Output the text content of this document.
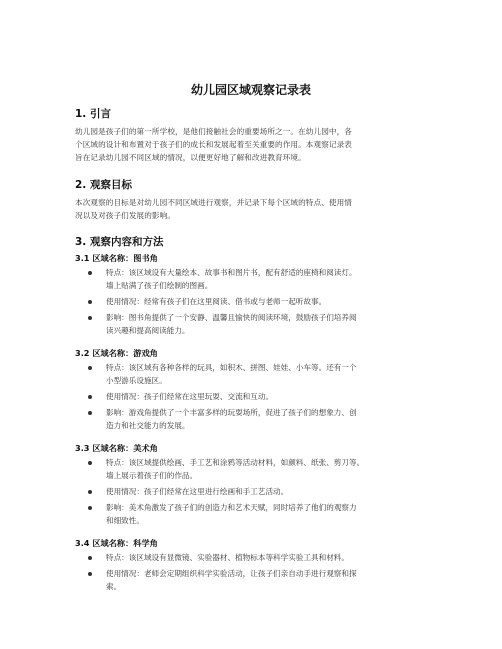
幼儿园区域观察记录表
1. 引言
幼儿园是孩子们的第一所学校，是他们接触社会的重要场所之一。在幼儿园中，各
个区域的设计和布置对于孩子们的成长和发展起着至关重要的作用。本观察记录表
旨在记录幼儿园不同区域的情况，以便更好地了解和改进教育环境。
2. 观察目标
本次观察的目标是对幼儿园不同区域进行观察，并记录下每个区域的特点、使用情
况以及对孩子们发展的影响。
3. 观察内容和方法
3.1 区域名称：图书角
特点：该区域设有大量绘本、故事书和图片书，配有舒适的座椅和阅读灯。
墙上贴满了孩子们绘制的图画。
使用情况：经常有孩子们在这里阅读、借书或与老师一起听故事。
影响：图书角提供了一个安静、温馨且愉快的阅读环境，鼓励孩子们培养阅
读兴趣和提高阅读能力。
3.2 区域名称：游戏角
特点：该区域有各种各样的玩具，如积木、拼图、娃娃、小车等。还有一个
小型游乐设施区。
使用情况：孩子们经常在这里玩耍、交流和互动。
影响：游戏角提供了一个丰富多样的玩耍场所，促进了孩子们的想象力、创
造力和社交能力的发展。
3.3 区域名称：美术角
特点：该区域提供绘画、手工艺和涂鸦等活动材料，如颜料、纸张、剪刀等。
墙上展示着孩子们的作品。
使用情况：孩子们经常在这里进行绘画和手工艺活动。
影响：美术角激发了孩子们的创造力和艺术天赋，同时培养了他们的观察力
和细致性。
3.4 区域名称：科学角
特点：该区域设有显微镜、实验器材、植物标本等科学实验工具和材料。
使用情况：老师会定期组织科学实验活动，让孩子们亲自动手进行观察和探
索。
